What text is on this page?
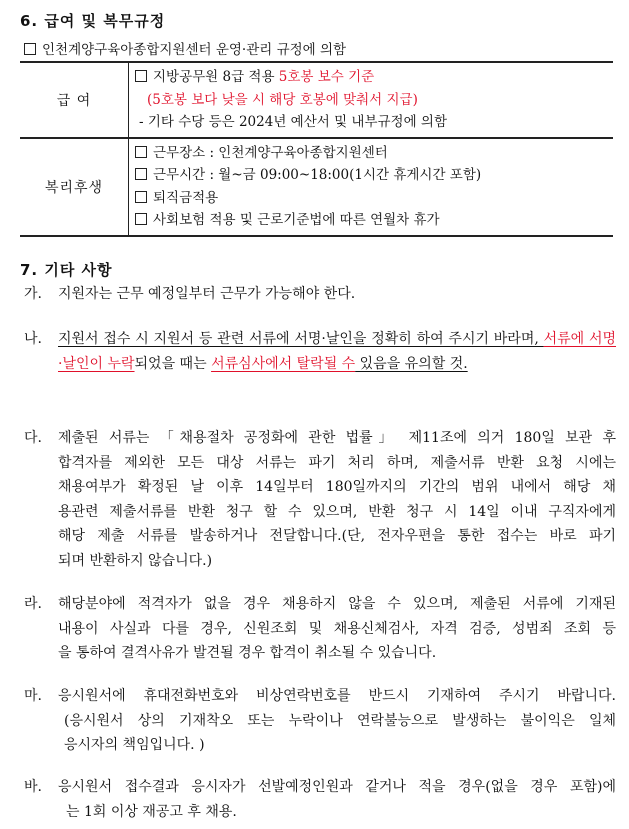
6. 급여 및 복무규정
인천계양구육아종합지원센터 운영·관리 규정에 의함
급 여	지방공무원 8급 적용 5호봉 보수 기준
(5호봉 보다 낮을 시 해당 호봉에 맞춰서 지급)
- 기타 수당 등은 2024년 예산서 및 내부규정에 의함

복리후생	근무장소 : 인천계양구육아종합지원센터
근무시간 : 월~금 09:00~18:00(1시간 휴게시간 포함)
퇴직금적용
사회보험 적용 및 근로기준법에 따른 연월차 휴가
7. 기타 사항
가. 지원자는 근무 예정일부터 근무가 가능해야 한다.
나. 지원서 접수 시 지원서 등 관련 서류에 서명·날인을 정확히 하여 주시기 바라며, 서류에 서명·날인이 누락되었을 때는 서류심사에서 탈락될 수 있음을 유의할 것.
다. 제출된 서류는 「채용절차 공정화에 관한 법률」 제11조에 의거 180일 보관 후
합격자를 제외한 모든 대상 서류는 파기 처리 하며, 제출서류 반환 요청 시에는
채용여부가 확정된 날 이후 14일부터 180일까지의 기간의 범위 내에서 해당 채
용관련 제출서류를 반환 청구 할 수 있으며, 반환 청구 시 14일 이내 구직자에게
해당 제출 서류를 발송하거나 전달합니다.(단, 전자우편을 통한 접수는 바로 파기
되며 반환하지 않습니다.)
라. 해당분야에 적격자가 없을 경우 채용하지 않을 수 있으며, 제출된 서류에 기재된
내용이 사실과 다를 경우, 신원조회 및 채용신체검사, 자격 검증, 성범죄 조회 등
을 통하여 결격사유가 발견될 경우 합격이 취소될 수 있습니다.
마. 응시원서에 휴대전화번호와 비상연락번호를 반드시 기재하여 주시기 바랍니다.
(응시원서 상의 기재착오 또는 누락이나 연락불능으로 발생하는 불이익은 일체
응시자의 책임입니다. )
바. 응시원서 접수결과 응시자가 선발예정인원과 같거나 적을 경우(없을 경우 포함)에
는 1회 이상 재공고 후 채용.
